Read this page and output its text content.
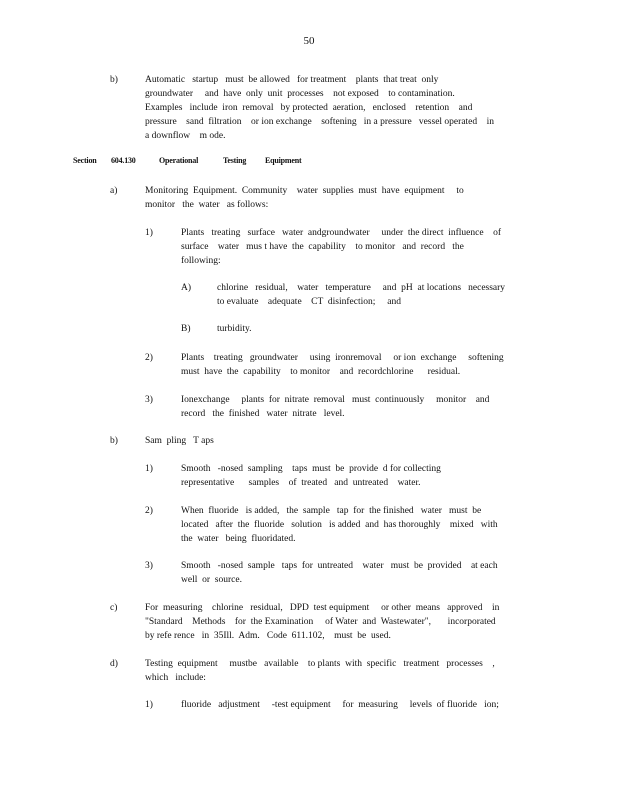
50
b)	Automatic   startup   must  be allowed   for treatment    plants  that treat  only
groundwater     and  have  only  unit  processes    not exposed    to contamination.
Examples   include  iron  removal   by protected  aeration,   enclosed    retention    and
pressure    sand  filtration    or ion exchange    softening   in a pressure   vessel operated    in
a downflow    m ode.
Section 604.130	Operational	Testing Equipment
a)	Monitoring  Equipment.  Community    water  supplies  must  have  equipment     to
monitor   the  water   as follows:
1)	Plants   treating   surface   water  andgroundwater     under  the direct  influence    of
surface    water   mus t have  the  capability    to monitor   and  record   the
following:
A)	chlorine   residual,    water   temperature     and  pH  at locations   necessary
to evaluate    adequate    CT  disinfection;     and
B)	turbidity.
2)	Plants    treating   groundwater     using  ironremoval     or ion  exchange     softening
must  have  the  capability    to monitor    and  recordchlorine      residual.
3)	Ionexchange     plants  for  nitrate  removal   must  continuously     monitor    and
record   the  finished   water  nitrate   level.
b)	Sam  pling   T aps
1)	Smooth   -nosed  sampling    taps  must  be  provide  d for collecting
representative      samples    of  treated   and  untreated    water.
2)	When  fluoride   is added,   the  sample   tap  for  the finished   water   must  be
located   after  the  fluoride   solution   is added  and  has thoroughly    mixed   with
the  water   being  fluoridated.
3)	Smooth   -nosed  sample   taps  for  untreated    water   must  be  provided    at each
well  or  source.
c)	For  measuring    chlorine   residual,   DPD  test equipment     or other  means   approved    in
"Standard    Methods    for  the Examination     of Water  and  Wastewater",       incorporated
by refe rence   in  35Ill.  Adm.   Code  611.102,    must  be  used.
d)	Testing  equipment     mustbe   available    to plants  with  specific   treatment   processes    ,
which   include:
1)	fluoride   adjustment     -test equipment     for  measuring     levels  of fluoride   ion;
